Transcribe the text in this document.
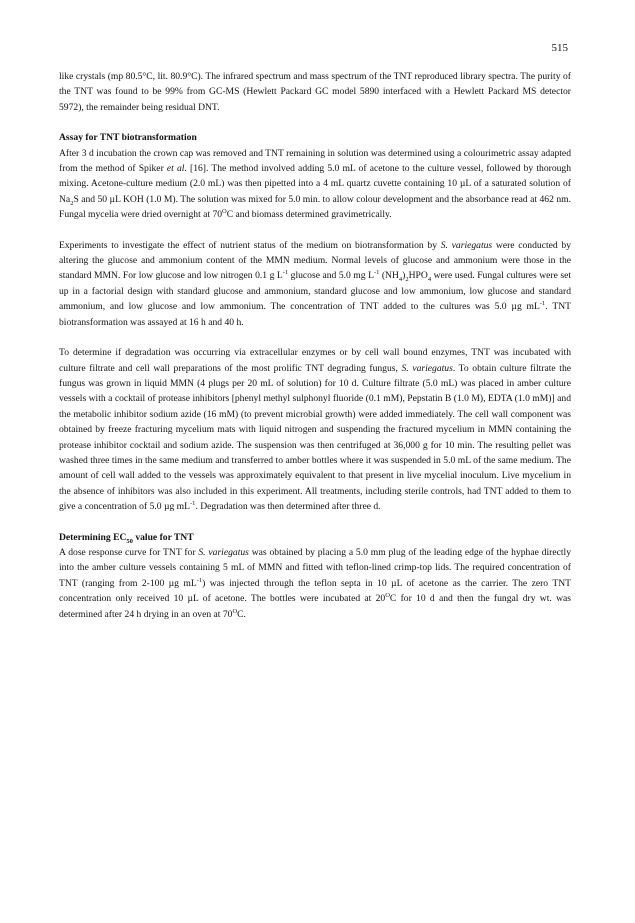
515

like crystals (mp 80.5°C, lit. 80.9°C). The infrared spectrum and mass spectrum of the TNT reproduced library spectra. The purity of the TNT was found to be 99% from GC-MS (Hewlett Packard GC model 5890 interfaced with a Hewlett Packard MS detector 5972), the remainder being residual DNT.

Assay for TNT biotransformation

After 3 d incubation the crown cap was removed and TNT remaining in solution was determined using a colourimetric assay adapted from the method of Spiker et al. [16]. The method involved adding 5.0 mL of acetone to the culture vessel, followed by thorough mixing. Acetone-culture medium (2.0 mL) was then pipetted into a 4 mL quartz cuvette containing 10 µL of a saturated solution of $Na_2S$ and 50 µL KOH (1.0 M). The solution was mixed for 5.0 min. to allow colour development and the absorbance read at 462 nm. Fungal mycelia were dried overnight at $70^OC$ and biomass determined gravimetrically.

Experiments to investigate the effect of nutrient status of the medium on biotransformation by S. variegatus were conducted by altering the glucose and ammonium content of the MMN medium. Normal levels of glucose and ammonium were those in the standard MMN. For low glucose and low nitrogen 0.1 g $L^{-1}$ glucose and 5.0 mg $L^{-1}$ $(NH_4)_2HPO_4$ were used. Fungal cultures were set up in a factorial design with standard glucose and ammonium, standard glucose and low ammonium, low glucose and standard ammonium, and low glucose and low ammonium. The concentration of TNT added to the cultures was 5.0 µg $mL^{-1}$. TNT biotransformation was assayed at 16 h and 40 h.

To determine if degradation was occurring via extracellular enzymes or by cell wall bound enzymes, TNT was incubated with culture filtrate and cell wall preparations of the most prolific TNT degrading fungus, S. variegatus. To obtain culture filtrate the fungus was grown in liquid MMN (4 plugs per 20 mL of solution) for 10 d. Culture filtrate (5.0 mL) was placed in amber culture vessels with a cocktail of protease inhibitors [phenyl methyl sulphonyl fluoride (0.1 mM), Pepstatin B (1.0 M), EDTA (1.0 mM)] and the metabolic inhibitor sodium azide (16 mM) (to prevent microbial growth) were added immediately. The cell wall component was obtained by freeze fracturing mycelium mats with liquid nitrogen and suspending the fractured mycelium in MMN containing the protease inhibitor cocktail and sodium azide. The suspension was then centrifuged at 36,000 g for 10 min. The resulting pellet was washed three times in the same medium and transferred to amber bottles where it was suspended in 5.0 mL of the same medium. The amount of cell wall added to the vessels was approximately equivalent to that present in live mycelial inoculum. Live mycelium in the absence of inhibitors was also included in this experiment. All treatments, including sterile controls, had TNT added to them to give a concentration of 5.0 µg $mL^{-1}$. Degradation was then determined after three d.

Determining $EC_{50}$ value for TNT

A dose response curve for TNT for S. variegatus was obtained by placing a 5.0 mm plug of the leading edge of the hyphae directly into the amber culture vessels containing 5 mL of MMN and fitted with teflon-lined crimp-top lids. The required concentration of TNT (ranging from 2-100 µg $mL^{-1}$) was injected through the teflon septa in 10 µL of acetone as the carrier. The zero TNT concentration only received 10 µL of acetone. The bottles were incubated at $20^OC$ for 10 d and then the fungal dry wt. was determined after 24 h drying in an oven at $70^OC$.
